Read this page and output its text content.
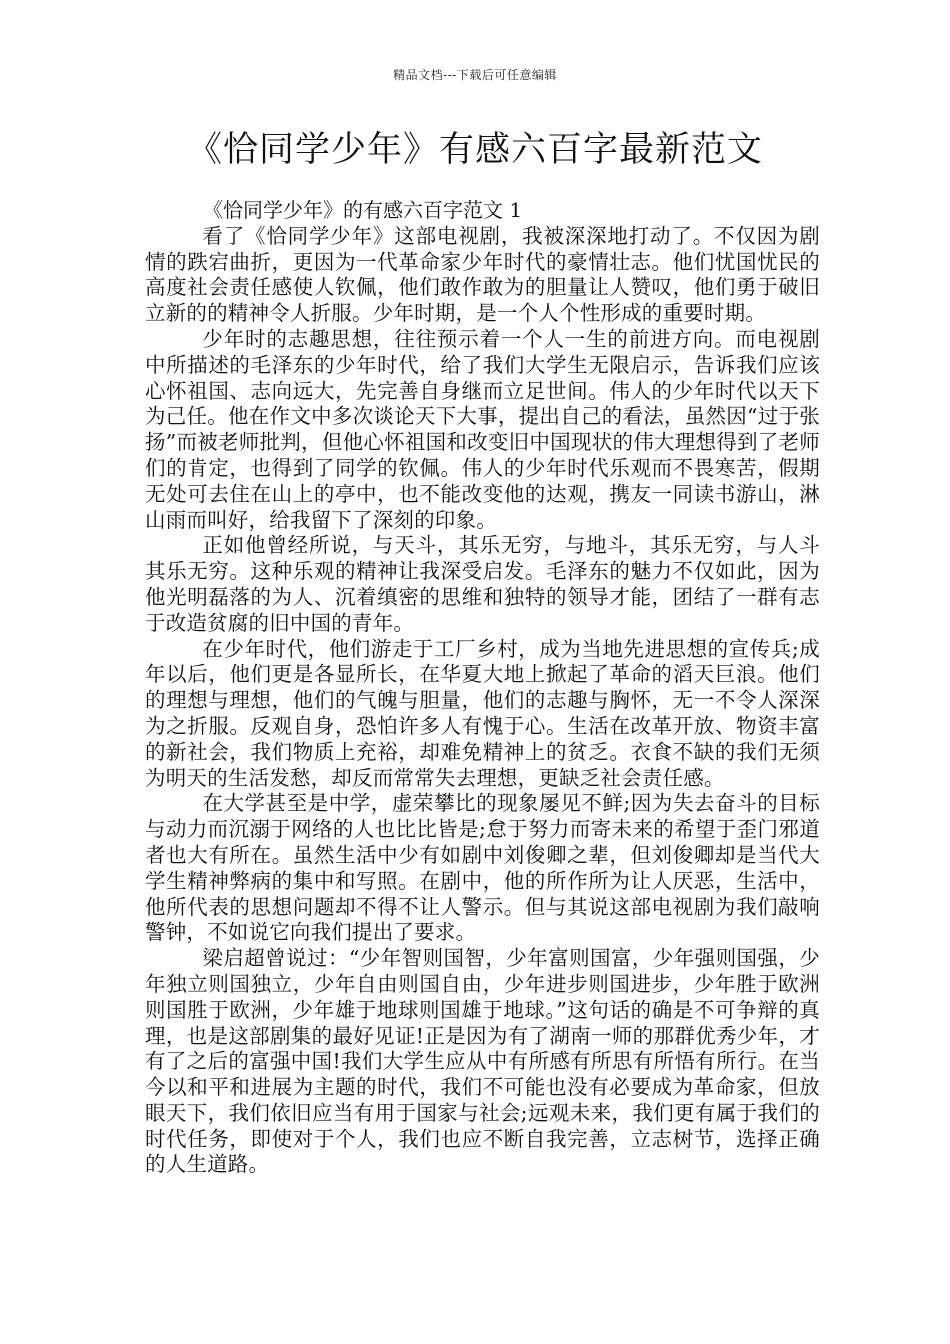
精品文档---下载后可任意编辑
《恰同学少年》有感六百字最新范文

《恰同学少年》的有感六百字范文 1

看了《恰同学少年》这部电视剧，我被深深地打动了。不仅因为剧情的跌宕曲折，更因为一代革命家少年时代的豪情壮志。他们忧国忧民的高度社会责任感使人钦佩，他们敢作敢为的胆量让人赞叹，他们勇于破旧立新的的精神令人折服。少年时期，是一个人个性形成的重要时期。

少年时的志趣思想，往往预示着一个人一生的前进方向。而电视剧中所描述的毛泽东的少年时代，给了我们大学生无限启示，告诉我们应该心怀祖国、志向远大，先完善自身继而立足世间。伟人的少年时代以天下为己任。他在作文中多次谈论天下大事，提出自己的看法，虽然因“过于张扬”而被老师批判，但他心怀祖国和改变旧中国现状的伟大理想得到了老师们的肯定，也得到了同学的钦佩。伟人的少年时代乐观而不畏寒苦，假期无处可去住在山上的亭中，也不能改变他的达观，携友一同读书游山，淋山雨而叫好，给我留下了深刻的印象。

正如他曾经所说，与天斗，其乐无穷，与地斗，其乐无穷，与人斗其乐无穷。这种乐观的精神让我深受启发。毛泽东的魅力不仅如此，因为他光明磊落的为人、沉着缜密的思维和独特的领导才能，团结了一群有志于改造贫腐的旧中国的青年。

在少年时代，他们游走于工厂乡村，成为当地先进思想的宣传兵;成年以后，他们更是各显所长，在华夏大地上掀起了革命的滔天巨浪。他们的理想与理想，他们的气魄与胆量，他们的志趣与胸怀，无一不令人深深为之折服。反观自身，恐怕许多人有愧于心。生活在改革开放、物资丰富的新社会，我们物质上充裕，却难免精神上的贫乏。衣食不缺的我们无须为明天的生活发愁，却反而常常失去理想，更缺乏社会责任感。

在大学甚至是中学，虚荣攀比的现象屡见不鲜;因为失去奋斗的目标与动力而沉溺于网络的人也比比皆是;怠于努力而寄未来的希望于歪门邪道者也大有所在。虽然生活中少有如剧中刘俊卿之辈，但刘俊卿却是当代大学生精神弊病的集中和写照。在剧中，他的所作所为让人厌恶，生活中，他所代表的思想问题却不得不让人警示。但与其说这部电视剧为我们敲响警钟，不如说它向我们提出了要求。

梁启超曾说过：“少年智则国智，少年富则国富，少年强则国强，少年独立则国独立，少年自由则国自由，少年进步则国进步，少年胜于欧洲则国胜于欧洲，少年雄于地球则国雄于地球。”这句话的确是不可争辩的真理，也是这部剧集的最好见证!正是因为有了湖南一师的那群优秀少年，才有了之后的富强中国!我们大学生应从中有所感有所思有所悟有所行。在当今以和平和进展为主题的时代，我们不可能也没有必要成为革命家，但放眼天下，我们依旧应当有用于国家与社会;远观未来，我们更有属于我们的时代任务，即使对于个人，我们也应不断自我完善，立志树节，选择正确的人生道路。
